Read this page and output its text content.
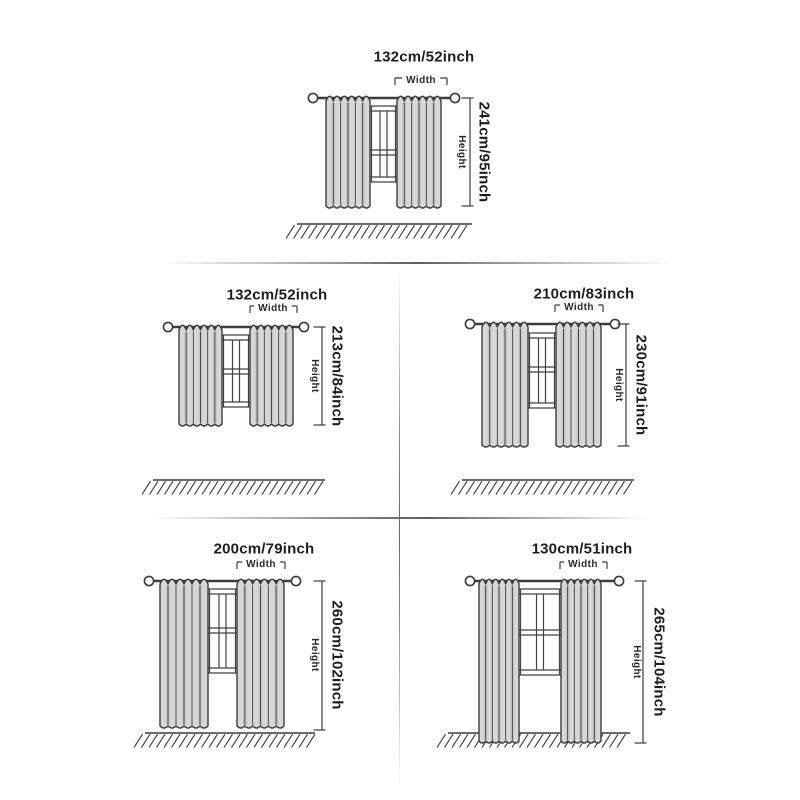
132cm/52inch
Width
241cm/95inch
Height
132cm/52inch
Width
213cm/84inch
Height
210cm/83inch
Width
230cm/91inch
Height
200cm/79inch
Width
260cm/102inch
Height
130cm/51inch
Width
265cm/104inch
Height
